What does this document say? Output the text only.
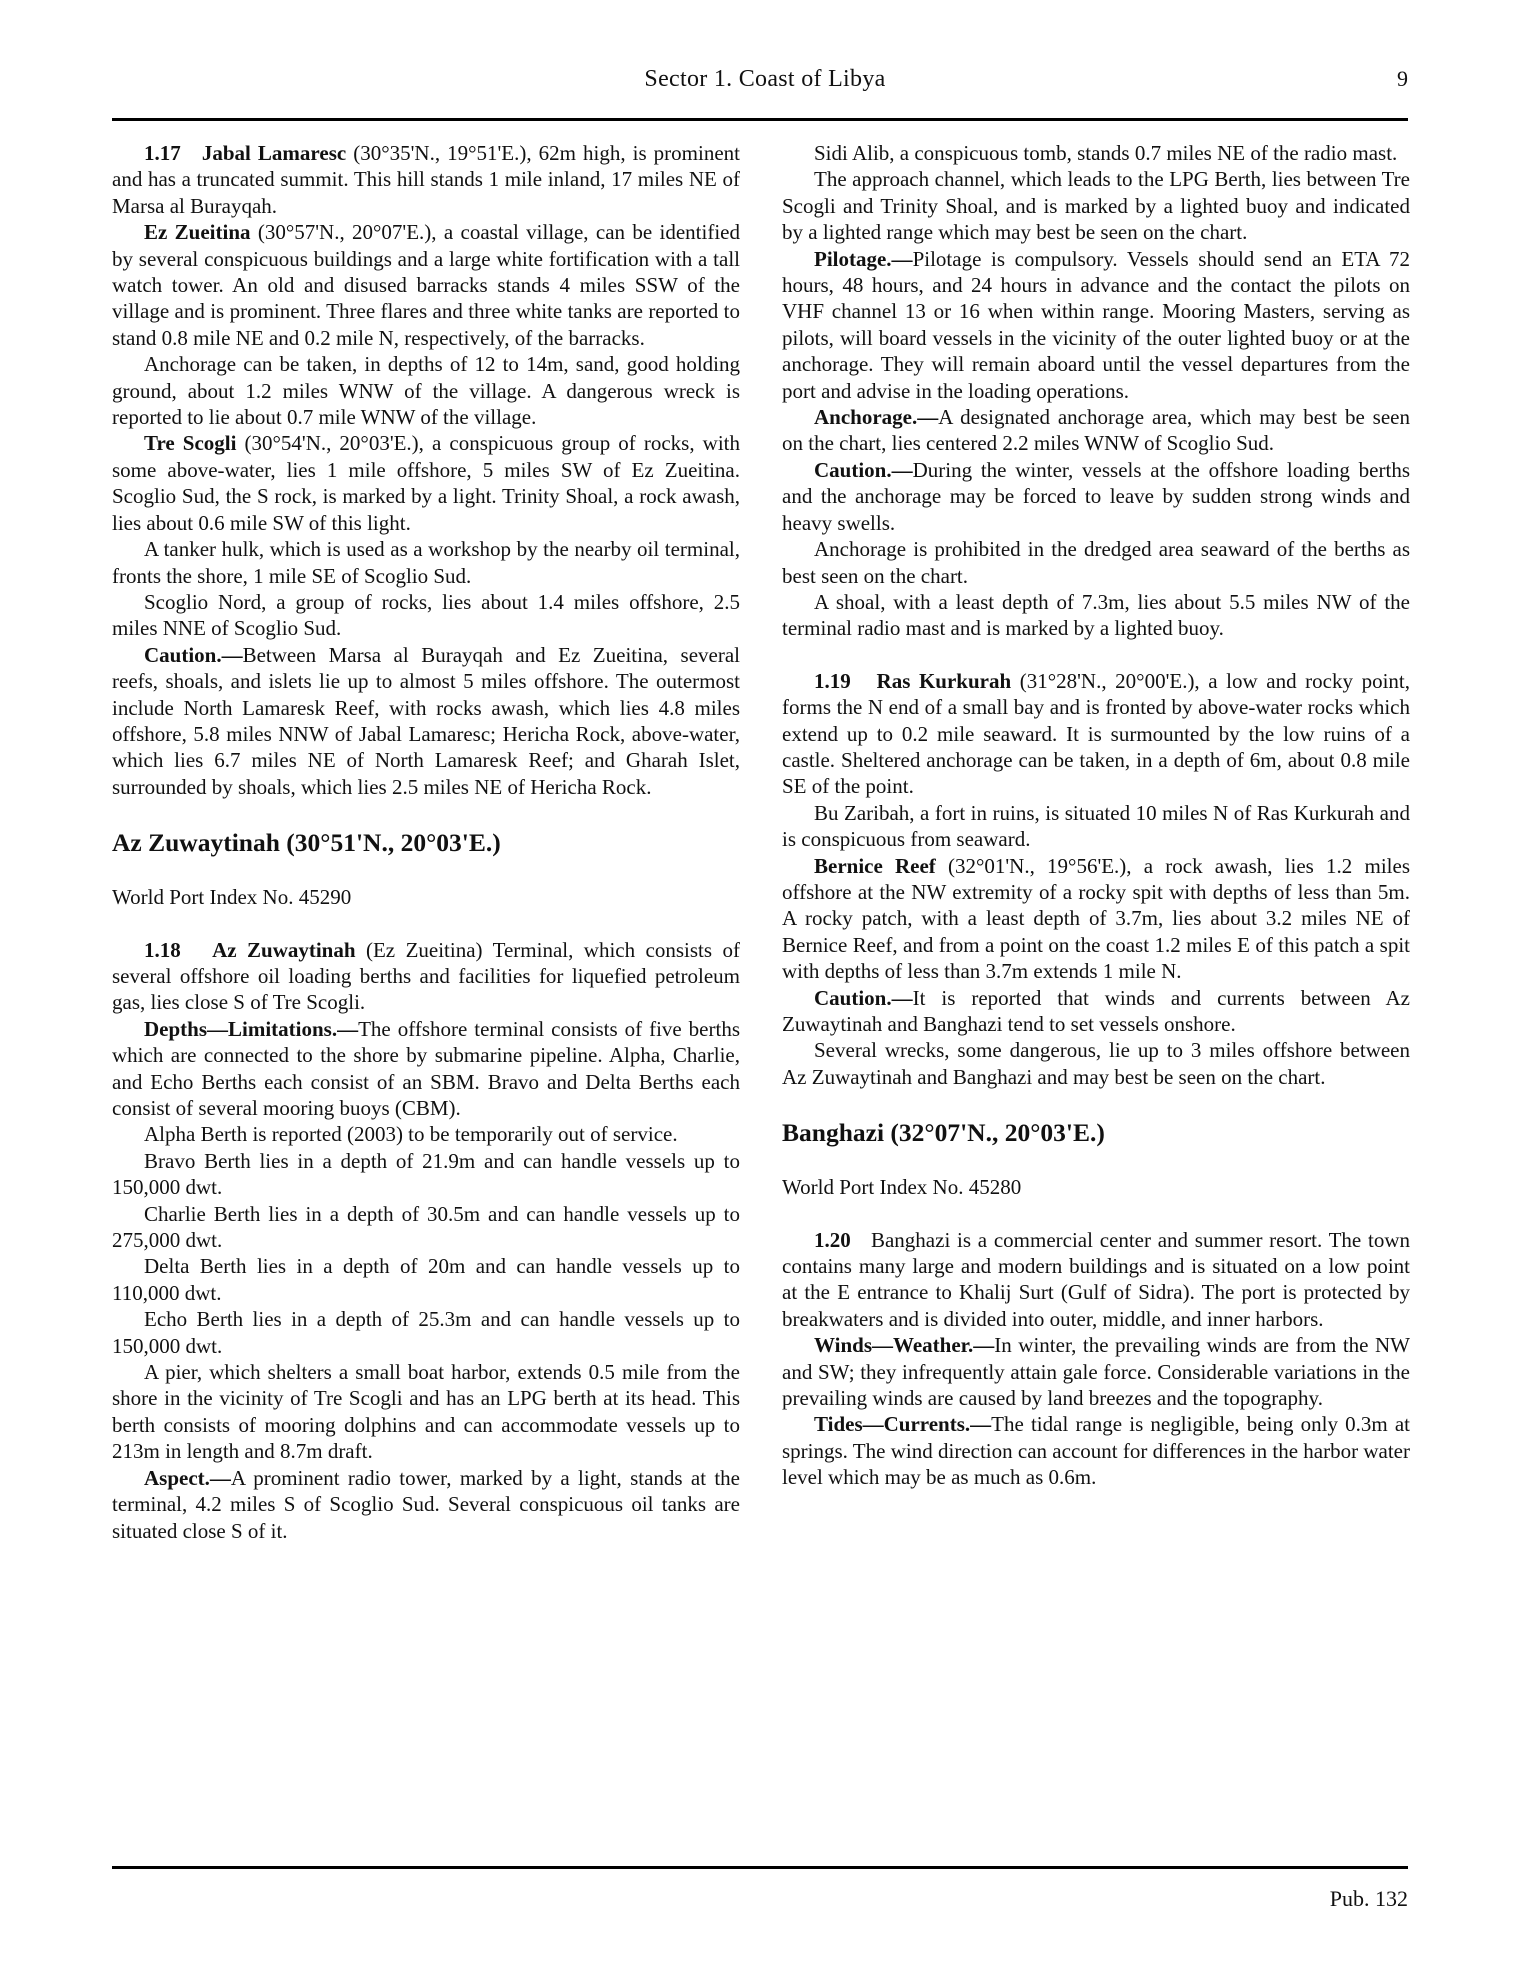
Sector 1. Coast of Libya	9

1.17 Jabal Lamaresc (30°35'N., 19°51'E.), 62m high, is prominent and has a truncated summit. This hill stands 1 mile inland, 17 miles NE of Marsa al Burayqah.

Ez Zueitina (30°57'N., 20°07'E.), a coastal village, can be identified by several conspicuous buildings and a large white fortification with a tall watch tower. An old and disused barracks stands 4 miles SSW of the village and is prominent. Three flares and three white tanks are reported to stand 0.8 mile NE and 0.2 mile N, respectively, of the barracks.

Anchorage can be taken, in depths of 12 to 14m, sand, good holding ground, about 1.2 miles WNW of the village. A dangerous wreck is reported to lie about 0.7 mile WNW of the village.

Tre Scogli (30°54'N., 20°03'E.), a conspicuous group of rocks, with some above-water, lies 1 mile offshore, 5 miles SW of Ez Zueitina. Scoglio Sud, the S rock, is marked by a light. Trinity Shoal, a rock awash, lies about 0.6 mile SW of this light.

A tanker hulk, which is used as a workshop by the nearby oil terminal, fronts the shore, 1 mile SE of Scoglio Sud.

Scoglio Nord, a group of rocks, lies about 1.4 miles offshore, 2.5 miles NNE of Scoglio Sud.

Caution.—Between Marsa al Burayqah and Ez Zueitina, several reefs, shoals, and islets lie up to almost 5 miles offshore. The outermost include North Lamaresk Reef, with rocks awash, which lies 4.8 miles offshore, 5.8 miles NNW of Jabal Lamaresc; Hericha Rock, above-water, which lies 6.7 miles NE of North Lamaresk Reef; and Gharah Islet, surrounded by shoals, which lies 2.5 miles NE of Hericha Rock.

Az Zuwaytinah (30°51'N., 20°03'E.)

World Port Index No. 45290

1.18 Az Zuwaytinah (Ez Zueitina) Terminal, which consists of several offshore oil loading berths and facilities for liquefied petroleum gas, lies close S of Tre Scogli.

Depths—Limitations.—The offshore terminal consists of five berths which are connected to the shore by submarine pipeline. Alpha, Charlie, and Echo Berths each consist of an SBM. Bravo and Delta Berths each consist of several mooring buoys (CBM).

Alpha Berth is reported (2003) to be temporarily out of service.

Bravo Berth lies in a depth of 21.9m and can handle vessels up to 150,000 dwt.

Charlie Berth lies in a depth of 30.5m and can handle vessels up to 275,000 dwt.

Delta Berth lies in a depth of 20m and can handle vessels up to 110,000 dwt.

Echo Berth lies in a depth of 25.3m and can handle vessels up to 150,000 dwt.

A pier, which shelters a small boat harbor, extends 0.5 mile from the shore in the vicinity of Tre Scogli and has an LPG berth at its head. This berth consists of mooring dolphins and can accommodate vessels up to 213m in length and 8.7m draft.

Aspect.—A prominent radio tower, marked by a light, stands at the terminal, 4.2 miles S of Scoglio Sud. Several conspicuous oil tanks are situated close S of it.

Sidi Alib, a conspicuous tomb, stands 0.7 miles NE of the radio mast.

The approach channel, which leads to the LPG Berth, lies between Tre Scogli and Trinity Shoal, and is marked by a lighted buoy and indicated by a lighted range which may best be seen on the chart.

Pilotage.—Pilotage is compulsory. Vessels should send an ETA 72 hours, 48 hours, and 24 hours in advance and the contact the pilots on VHF channel 13 or 16 when within range. Mooring Masters, serving as pilots, will board vessels in the vicinity of the outer lighted buoy or at the anchorage. They will remain aboard until the vessel departures from the port and advise in the loading operations.

Anchorage.—A designated anchorage area, which may best be seen on the chart, lies centered 2.2 miles WNW of Scoglio Sud.

Caution.—During the winter, vessels at the offshore loading berths and the anchorage may be forced to leave by sudden strong winds and heavy swells.

Anchorage is prohibited in the dredged area seaward of the berths as best seen on the chart.

A shoal, with a least depth of 7.3m, lies about 5.5 miles NW of the terminal radio mast and is marked by a lighted buoy.

1.19 Ras Kurkurah (31°28'N., 20°00'E.), a low and rocky point, forms the N end of a small bay and is fronted by above-water rocks which extend up to 0.2 mile seaward. It is surmounted by the low ruins of a castle. Sheltered anchorage can be taken, in a depth of 6m, about 0.8 mile SE of the point.

Bu Zaribah, a fort in ruins, is situated 10 miles N of Ras Kurkurah and is conspicuous from seaward.

Bernice Reef (32°01'N., 19°56'E.), a rock awash, lies 1.2 miles offshore at the NW extremity of a rocky spit with depths of less than 5m. A rocky patch, with a least depth of 3.7m, lies about 3.2 miles NE of Bernice Reef, and from a point on the coast 1.2 miles E of this patch a spit with depths of less than 3.7m extends 1 mile N.

Caution.—It is reported that winds and currents between Az Zuwaytinah and Banghazi tend to set vessels onshore.

Several wrecks, some dangerous, lie up to 3 miles offshore between Az Zuwaytinah and Banghazi and may best be seen on the chart.

Banghazi (32°07'N., 20°03'E.)

World Port Index No. 45280

1.20 Banghazi is a commercial center and summer resort. The town contains many large and modern buildings and is situated on a low point at the E entrance to Khalij Surt (Gulf of Sidra). The port is protected by breakwaters and is divided into outer, middle, and inner harbors.

Winds—Weather.—In winter, the prevailing winds are from the NW and SW; they infrequently attain gale force. Considerable variations in the prevailing winds are caused by land breezes and the topography.

Tides—Currents.—The tidal range is negligible, being only 0.3m at springs. The wind direction can account for differences in the harbor water level which may be as much as 0.6m.

Pub. 132
